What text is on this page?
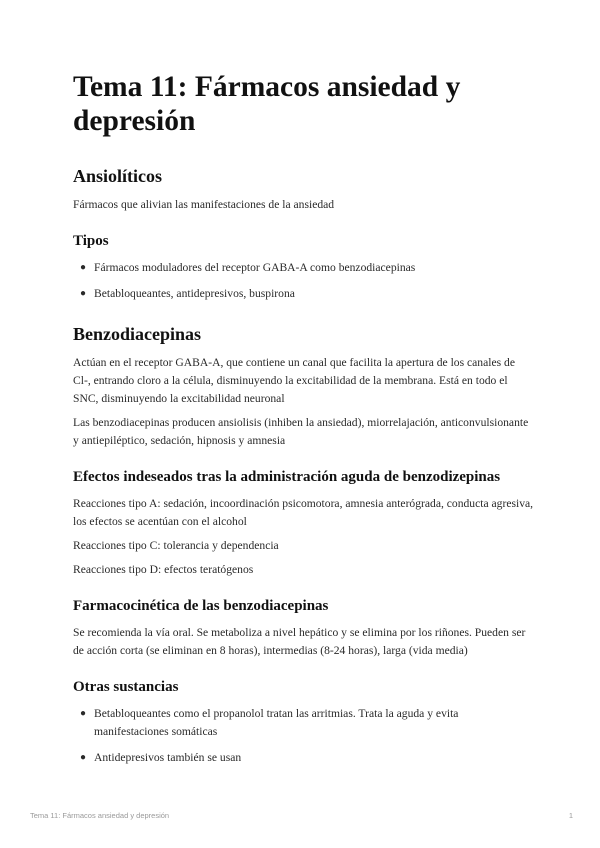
Tema 11: Fármacos ansiedad y depresión
Ansiolíticos

Fármacos que alivian las manifestaciones de la ansiedad

Tipos
● Fármacos moduladores del receptor GABA-A como benzodiacepinas
● Betabloqueantes, antidepresivos, buspirona
Benzodiacepinas

Actúan en el receptor GABA-A, que contiene un canal que facilita la apertura de los canales de Cl-, entrando cloro a la célula, disminuyendo la excitabilidad de la membrana. Está en todo el SNC, disminuyendo la excitabilidad neuronal

Las benzodiacepinas producen ansiolisis (inhiben la ansiedad), miorrelajación, anticonvulsionante y antiepiléptico, sedación, hipnosis y amnesia

Efectos indeseados tras la administración aguda de benzodizepinas

Reacciones tipo A: sedación, incoordinación psicomotora, amnesia anterógrada, conducta agresiva, los efectos se acentúan con el alcohol

Reacciones tipo C: tolerancia y dependencia

Reacciones tipo D: efectos teratógenos

Farmacocinética de las benzodiacepinas

Se recomienda la vía oral. Se metaboliza a nivel hepático y se elimina por los riñones. Pueden ser de acción corta (se eliminan en 8 horas), intermedias (8-24 horas), larga (vida media)

Otras sustancias
● Betabloqueantes como el propanolol tratan las arritmias. Trata la aguda y evita manifestaciones somáticas
● Antidepresivos también se usan
Tema 11: Fármacos ansiedad y depresión	1
